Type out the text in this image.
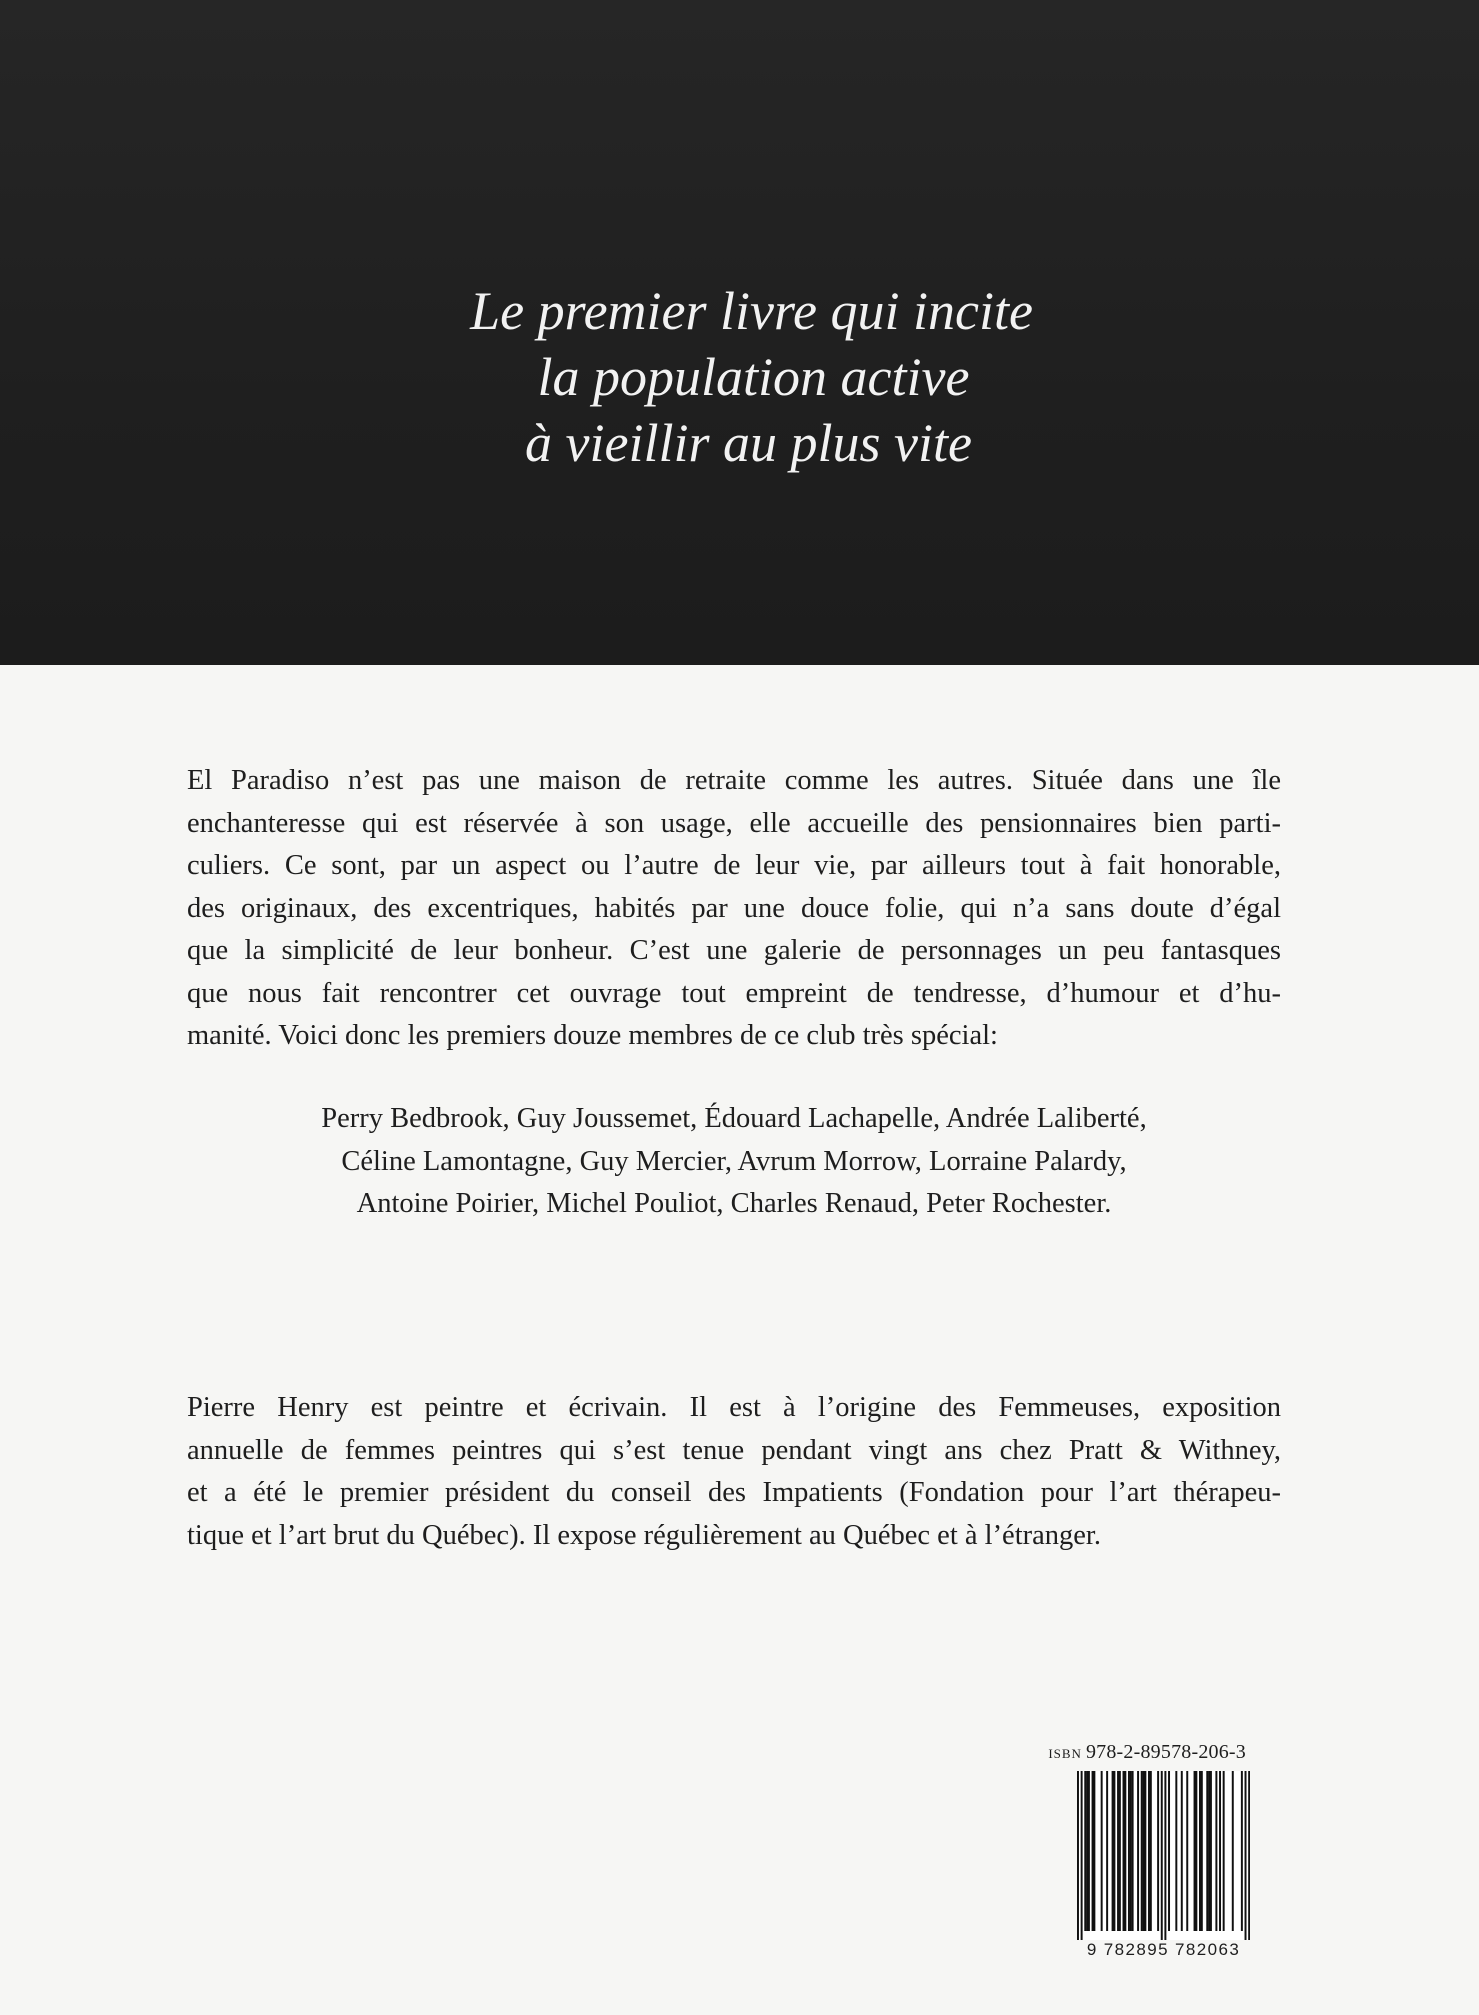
Le premier livre qui incite
la population active
à vieillir au plus vite
El Paradiso n’est pas une maison de retraite comme les autres. Située dans une île
enchanteresse qui est réservée à son usage, elle accueille des pensionnaires bien parti-
culiers. Ce sont, par un aspect ou l’autre de leur vie, par ailleurs tout à fait honorable,
des originaux, des excentriques, habités par une douce folie, qui n’a sans doute d’égal
que la simplicité de leur bonheur. C’est une galerie de personnages un peu fantasques
que nous fait rencontrer cet ouvrage tout empreint de tendresse, d’humour et d’hu-
manité. Voici donc les premiers douze membres de ce club très spécial:
Perry Bedbrook, Guy Joussemet, Édouard Lachapelle, Andrée Laliberté,
Céline Lamontagne, Guy Mercier, Avrum Morrow, Lorraine Palardy,
Antoine Poirier, Michel Pouliot, Charles Renaud, Peter Rochester.
Pierre Henry est peintre et écrivain. Il est à l’origine des Femmeuses, exposition
annuelle de femmes peintres qui s’est tenue pendant vingt ans chez Pratt & Withney,
et a été le premier président du conseil des Impatients (Fondation pour l’art thérapeu-
tique et l’art brut du Québec). Il expose régulièrement au Québec et à l’étranger.
ISBN 978-2-89578-206-3
9 782895 782063
